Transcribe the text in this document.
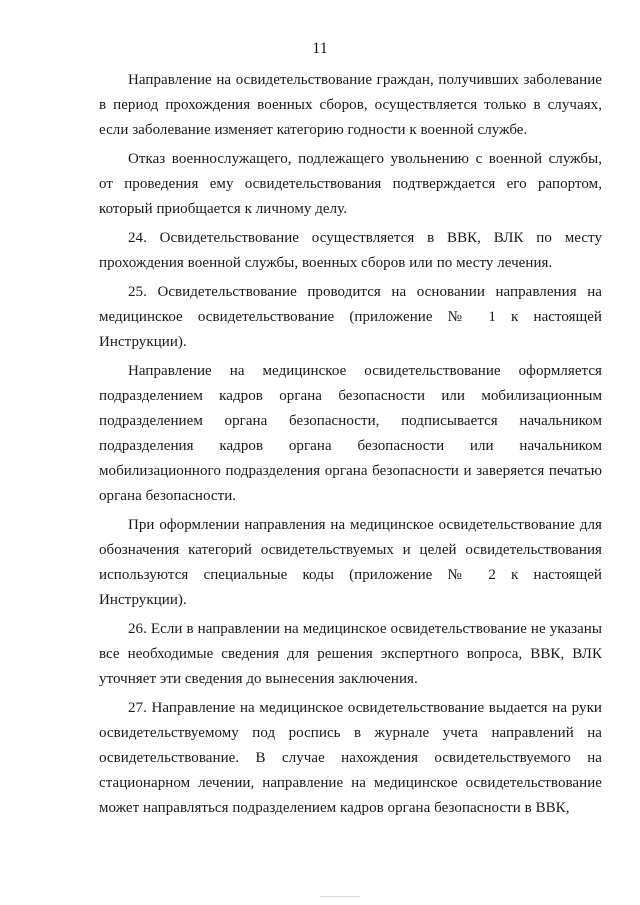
11

Направление на освидетельствование граждан, получивших заболевание в период прохождения военных сборов, осуществляется только в случаях, если заболевание изменяет категорию годности к военной службе.

Отказ военнослужащего, подлежащего увольнению с военной службы, от проведения ему освидетельствования подтверждается его рапортом, который приобщается к личному делу.

24. Освидетельствование осуществляется в ВВК, ВЛК по месту прохождения военной службы, военных сборов или по месту лечения.

25. Освидетельствование проводится на основании направления на медицинское освидетельствование (приложение № 1 к настоящей Инструкции).

Направление на медицинское освидетельствование оформляется подразделением кадров органа безопасности или мобилизационным подразделением органа безопасности, подписывается начальником подразделения кадров органа безопасности или начальником мобилизационного подразделения органа безопасности и заверяется печатью органа безопасности.

При оформлении направления на медицинское освидетельствование для обозначения категорий освидетельствуемых и целей освидетельствования используются специальные коды (приложение № 2 к настоящей Инструкции).

26. Если в направлении на медицинское освидетельствование не указаны все необходимые сведения для решения экспертного вопроса, ВВК, ВЛК уточняет эти сведения до вынесения заключения.

27. Направление на медицинское освидетельствование выдается на руки освидетельствуемому под роспись в журнале учета направлений на освидетельствование. В случае нахождения освидетельствуемого на стационарном лечении, направление на медицинское освидетельствование может направляться подразделением кадров органа безопасности в ВВК,
